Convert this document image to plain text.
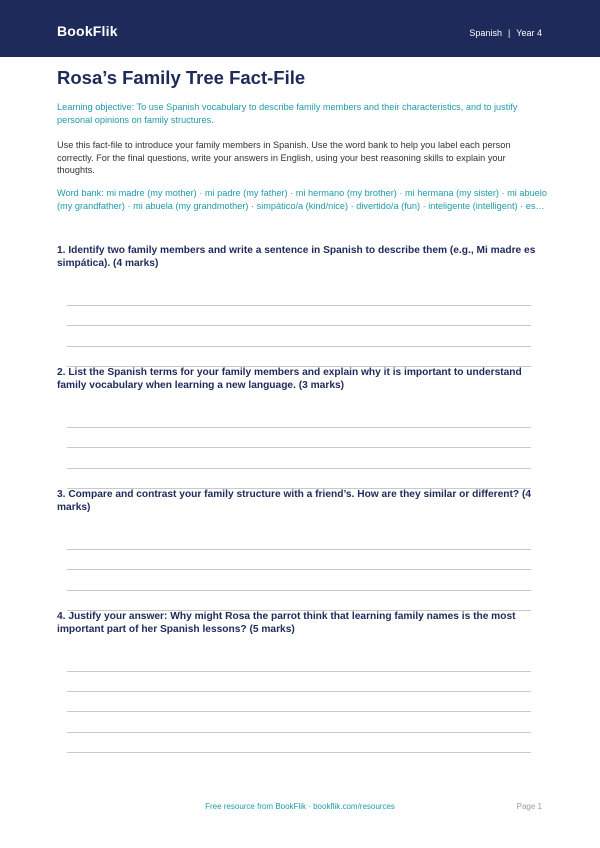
BookFlik	Spanish | Year 4
Rosa’s Family Tree Fact-File

Learning objective: To use Spanish vocabulary to describe family members and their characteristics, and to justify personal opinions on family structures.

Use this fact-file to introduce your family members in Spanish. Use the word bank to help you label each person correctly. For the final questions, write your answers in English, using your best reasoning skills to explain your thoughts.

Word bank: mi madre (my mother) · mi padre (my father) · mi hermano (my brother) · mi hermana (my sister) · mi abuelo (my grandfather) · mi abuela (my grandmother) · simpático/a (kind/nice) · divertido/a (fun) · inteligente (intelligent) · es…

1. Identify two family members and write a sentence in Spanish to describe them (e.g., Mi madre es simpática). (4 marks)

2. List the Spanish terms for your family members and explain why it is important to understand family vocabulary when learning a new language. (3 marks)

3. Compare and contrast your family structure with a friend’s. How are they similar or different? (4 marks)

4. Justify your answer: Why might Rosa the parrot think that learning family names is the most important part of her Spanish lessons? (5 marks)

Free resource from BookFlik · bookflik.com/resources	Page 1
